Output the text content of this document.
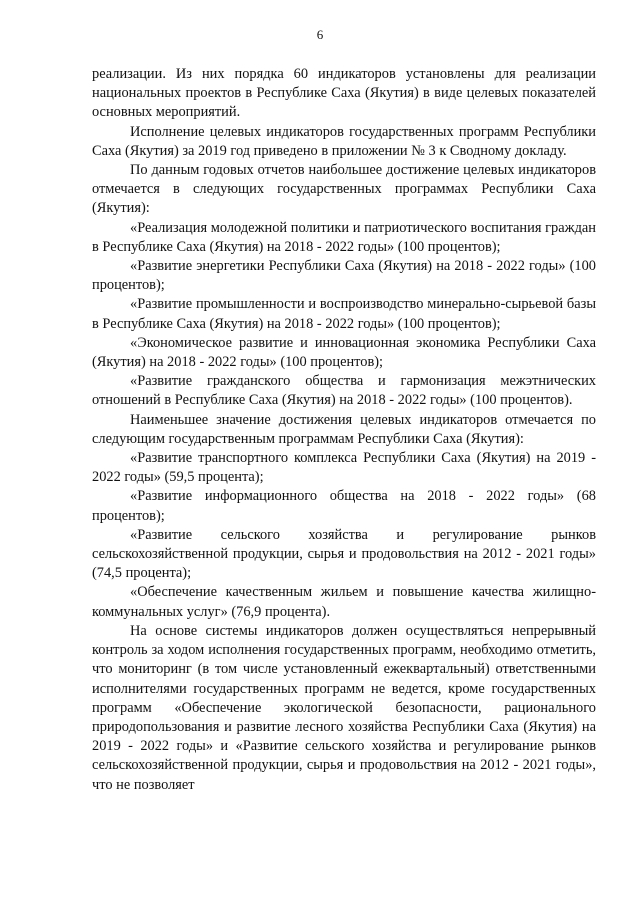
6

реализации. Из них порядка 60 индикаторов установлены для реализации национальных проектов в Республике Саха (Якутия) в виде целевых показателей основных мероприятий.

Исполнение целевых индикаторов государственных программ Республики Саха (Якутия) за 2019 год приведено в приложении № 3 к Сводному докладу.

По данным годовых отчетов наибольшее достижение целевых индикаторов отмечается в следующих государственных программах Республики Саха (Якутия):

«Реализация молодежной политики и патриотического воспитания граждан в Республике Саха (Якутия) на 2018 - 2022 годы» (100 процентов);

«Развитие энергетики Республики Саха (Якутия) на 2018 - 2022 годы» (100 процентов);

«Развитие промышленности и воспроизводство минерально-сырьевой базы в Республике Саха (Якутия) на 2018 - 2022 годы» (100 процентов);

«Экономическое развитие и инновационная экономика Республики Саха (Якутия) на 2018 - 2022 годы» (100 процентов);

«Развитие гражданского общества и гармонизация межэтнических отношений в Республике Саха (Якутия) на 2018 - 2022 годы» (100 процентов).

Наименьшее значение достижения целевых индикаторов отмечается по следующим государственным программам Республики Саха (Якутия):

«Развитие транспортного комплекса Республики Саха (Якутия) на 2019 - 2022 годы» (59,5 процента);

«Развитие информационного общества на 2018 - 2022 годы» (68 процентов);

«Развитие сельского хозяйства и регулирование рынков сельскохозяйственной продукции, сырья и продовольствия на 2012 - 2021 годы» (74,5 процента);

«Обеспечение качественным жильем и повышение качества жилищно-коммунальных услуг» (76,9 процента).

На основе системы индикаторов должен осуществляться непрерывный контроль за ходом исполнения государственных программ, необходимо отметить, что мониторинг (в том числе установленный ежеквартальный) ответственными исполнителями государственных программ не ведется, кроме государственных программ «Обеспечение экологической безопасности, рационального природопользования и развитие лесного хозяйства Республики Саха (Якутия) на 2019 - 2022 годы» и «Развитие сельского хозяйства и регулирование рынков сельскохозяйственной продукции, сырья и продовольствия на 2012 - 2021 годы», что не позволяет
